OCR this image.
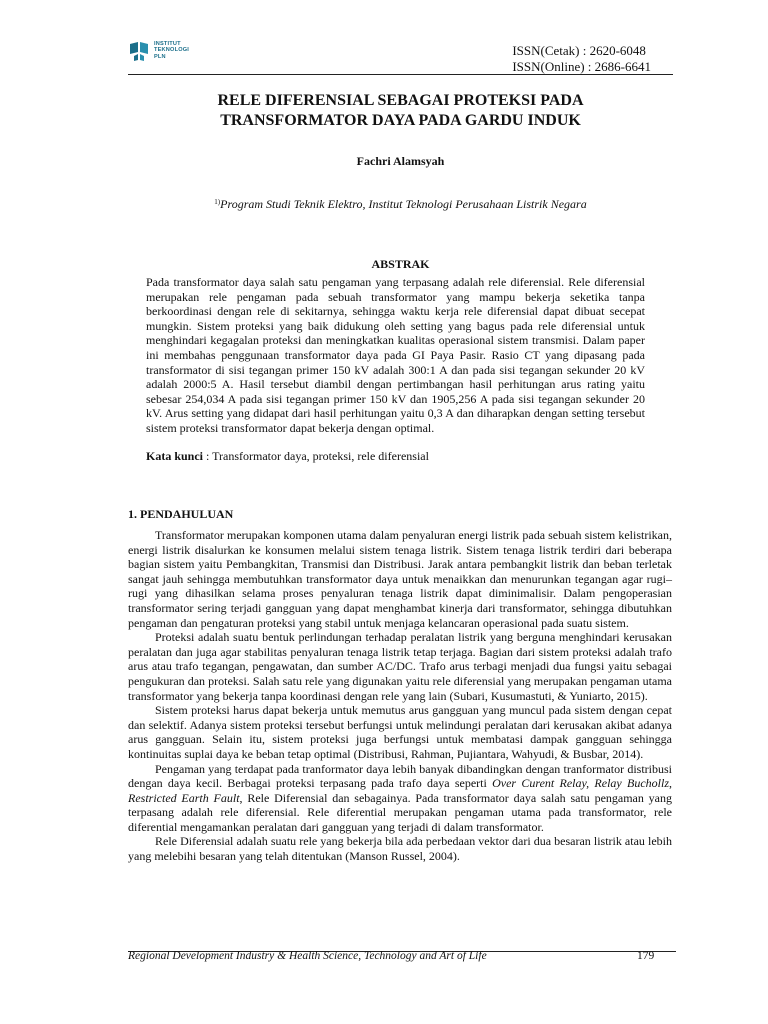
INSTITUT
TEKNOLOGI
PLN	ISSN(Cetak) : 2620-6048
ISSN(Online) : 2686-6641
RELE DIFERENSIAL SEBAGAI PROTEKSI PADA
TRANSFORMATOR DAYA PADA GARDU INDUK
Fachri Alamsyah
$^{1)}$Program Studi Teknik Elektro, Institut Teknologi Perusahaan Listrik Negara
ABSTRAK
Pada transformator daya salah satu pengaman yang terpasang adalah rele diferensial. Rele diferensial merupakan rele pengaman pada sebuah transformator yang mampu bekerja seketika tanpa berkoordinasi dengan rele di sekitarnya, sehingga waktu kerja rele diferensial dapat dibuat secepat mungkin. Sistem proteksi yang baik didukung oleh setting yang bagus pada rele diferensial untuk menghindari kegagalan proteksi dan meningkatkan kualitas operasional sistem transmisi. Dalam paper ini membahas penggunaan transformator daya pada GI Paya Pasir. Rasio CT yang dipasang pada transformator di sisi tegangan primer 150 kV adalah 300:1 A dan pada sisi tegangan sekunder 20 kV adalah 2000:5 A. Hasil tersebut diambil dengan pertimbangan hasil perhitungan arus rating yaitu sebesar 254,034 A pada sisi tegangan primer 150 kV dan 1905,256 A pada sisi tegangan sekunder 20 kV. Arus setting yang didapat dari hasil perhitungan yaitu 0,3 A dan diharapkan dengan setting tersebut sistem proteksi transformator dapat bekerja dengan optimal.
Kata kunci : Transformator daya, proteksi, rele diferensial
1. PENDAHULUAN

Transformator merupakan komponen utama dalam penyaluran energi listrik pada sebuah sistem kelistrikan, energi listrik disalurkan ke konsumen melalui sistem tenaga listrik. Sistem tenaga listrik terdiri dari beberapa bagian sistem yaitu Pembangkitan, Transmisi dan Distribusi. Jarak antara pembangkit listrik dan beban terletak sangat jauh sehingga membutuhkan transformator daya untuk menaikkan dan menurunkan tegangan agar rugi–rugi yang dihasilkan selama proses penyaluran tenaga listrik dapat diminimalisir. Dalam pengoperasian transformator sering terjadi gangguan yang dapat menghambat kinerja dari transformator, sehingga dibutuhkan pengaman dan pengaturan proteksi yang stabil untuk menjaga kelancaran operasional pada suatu sistem.

Proteksi adalah suatu bentuk perlindungan terhadap peralatan listrik yang berguna menghindari kerusakan peralatan dan juga agar stabilitas penyaluran tenaga listrik tetap terjaga. Bagian dari sistem proteksi adalah trafo arus atau trafo tegangan, pengawatan, dan sumber AC/DC. Trafo arus terbagi menjadi dua fungsi yaitu sebagai pengukuran dan proteksi. Salah satu rele yang digunakan yaitu rele diferensial yang merupakan pengaman utama transformator yang bekerja tanpa koordinasi dengan rele yang lain (Subari, Kusumastuti, & Yuniarto, 2015).

Sistem proteksi harus dapat bekerja untuk memutus arus gangguan yang muncul pada sistem dengan cepat dan selektif. Adanya sistem proteksi tersebut berfungsi untuk melindungi peralatan dari kerusakan akibat adanya arus gangguan. Selain itu, sistem proteksi juga berfungsi untuk membatasi dampak gangguan sehingga kontinuitas suplai daya ke beban tetap optimal (Distribusi, Rahman, Pujiantara, Wahyudi, & Busbar, 2014).

Pengaman yang terdapat pada tranformator daya lebih banyak dibandingkan dengan tranformator distribusi dengan daya kecil. Berbagai proteksi terpasang pada trafo daya seperti Over Curent Relay, Relay Buchollz, Restricted Earth Fault, Rele Diferensial dan sebagainya. Pada transformator daya salah satu pengaman yang terpasang adalah rele diferensial. Rele diferential merupakan pengaman utama pada transformator, rele diferential mengamankan peralatan dari gangguan yang terjadi di dalam transformator.

Rele Diferensial adalah suatu rele yang bekerja bila ada perbedaan vektor dari dua besaran listrik atau lebih yang melebihi besaran yang telah ditentukan (Manson Russel, 2004).

Regional Development Industry & Health Science, Technology and Art of Life	179
